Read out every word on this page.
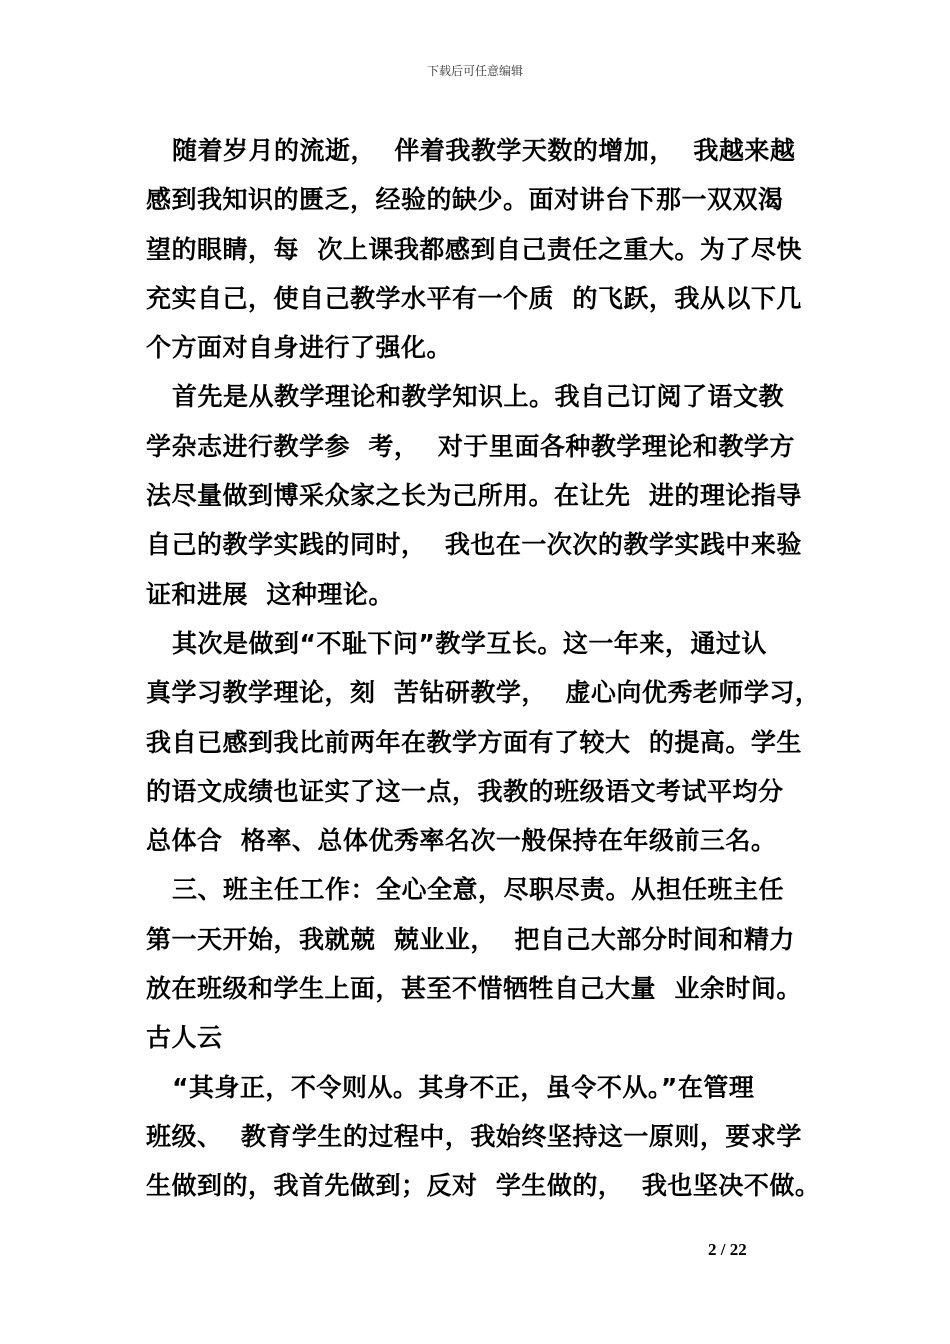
下载后可任意编辑
随着岁月的流逝，  伴着我教学天数的增加，  我越来越
感到我知识的匮乏，经验的缺少。面对讲台下那一双双渴
望的眼睛，每  次上课我都感到自己责任之重大。为了尽快
充实自己，使自己教学水平有一个质  的飞跃，我从以下几
个方面对自身进行了强化。
首先是从教学理论和教学知识上。我自己订阅了语文教
学杂志进行教学参  考，  对于里面各种教学理论和教学方
法尽量做到博采众家之长为己所用。在让先  进的理论指导
自己的教学实践的同时，  我也在一次次的教学实践中来验
证和进展  这种理论。
其次是做到“不耻下问”教学互长。这一年来，通过认
真学习教学理论，刻  苦钻研教学，  虚心向优秀老师学习，
我自已感到我比前两年在教学方面有了较大  的提高。学生
的语文成绩也证实了这一点，我教的班级语文考试平均分
总体合  格率、总体优秀率名次一般保持在年级前三名。
三、班主任工作：全心全意，尽职尽责。从担任班主任
第一天开始，我就兢  兢业业，  把自己大部分时间和精力
放在班级和学生上面，甚至不惜牺牲自己大量  业余时间。
古人云
“其身正，不令则从。其身不正，虽令不从。”在管理
班级、  教育学生的过程中，我始终坚持这一原则，要求学
生做到的，我首先做到；反对  学生做的，  我也坚决不做。
2 / 22
